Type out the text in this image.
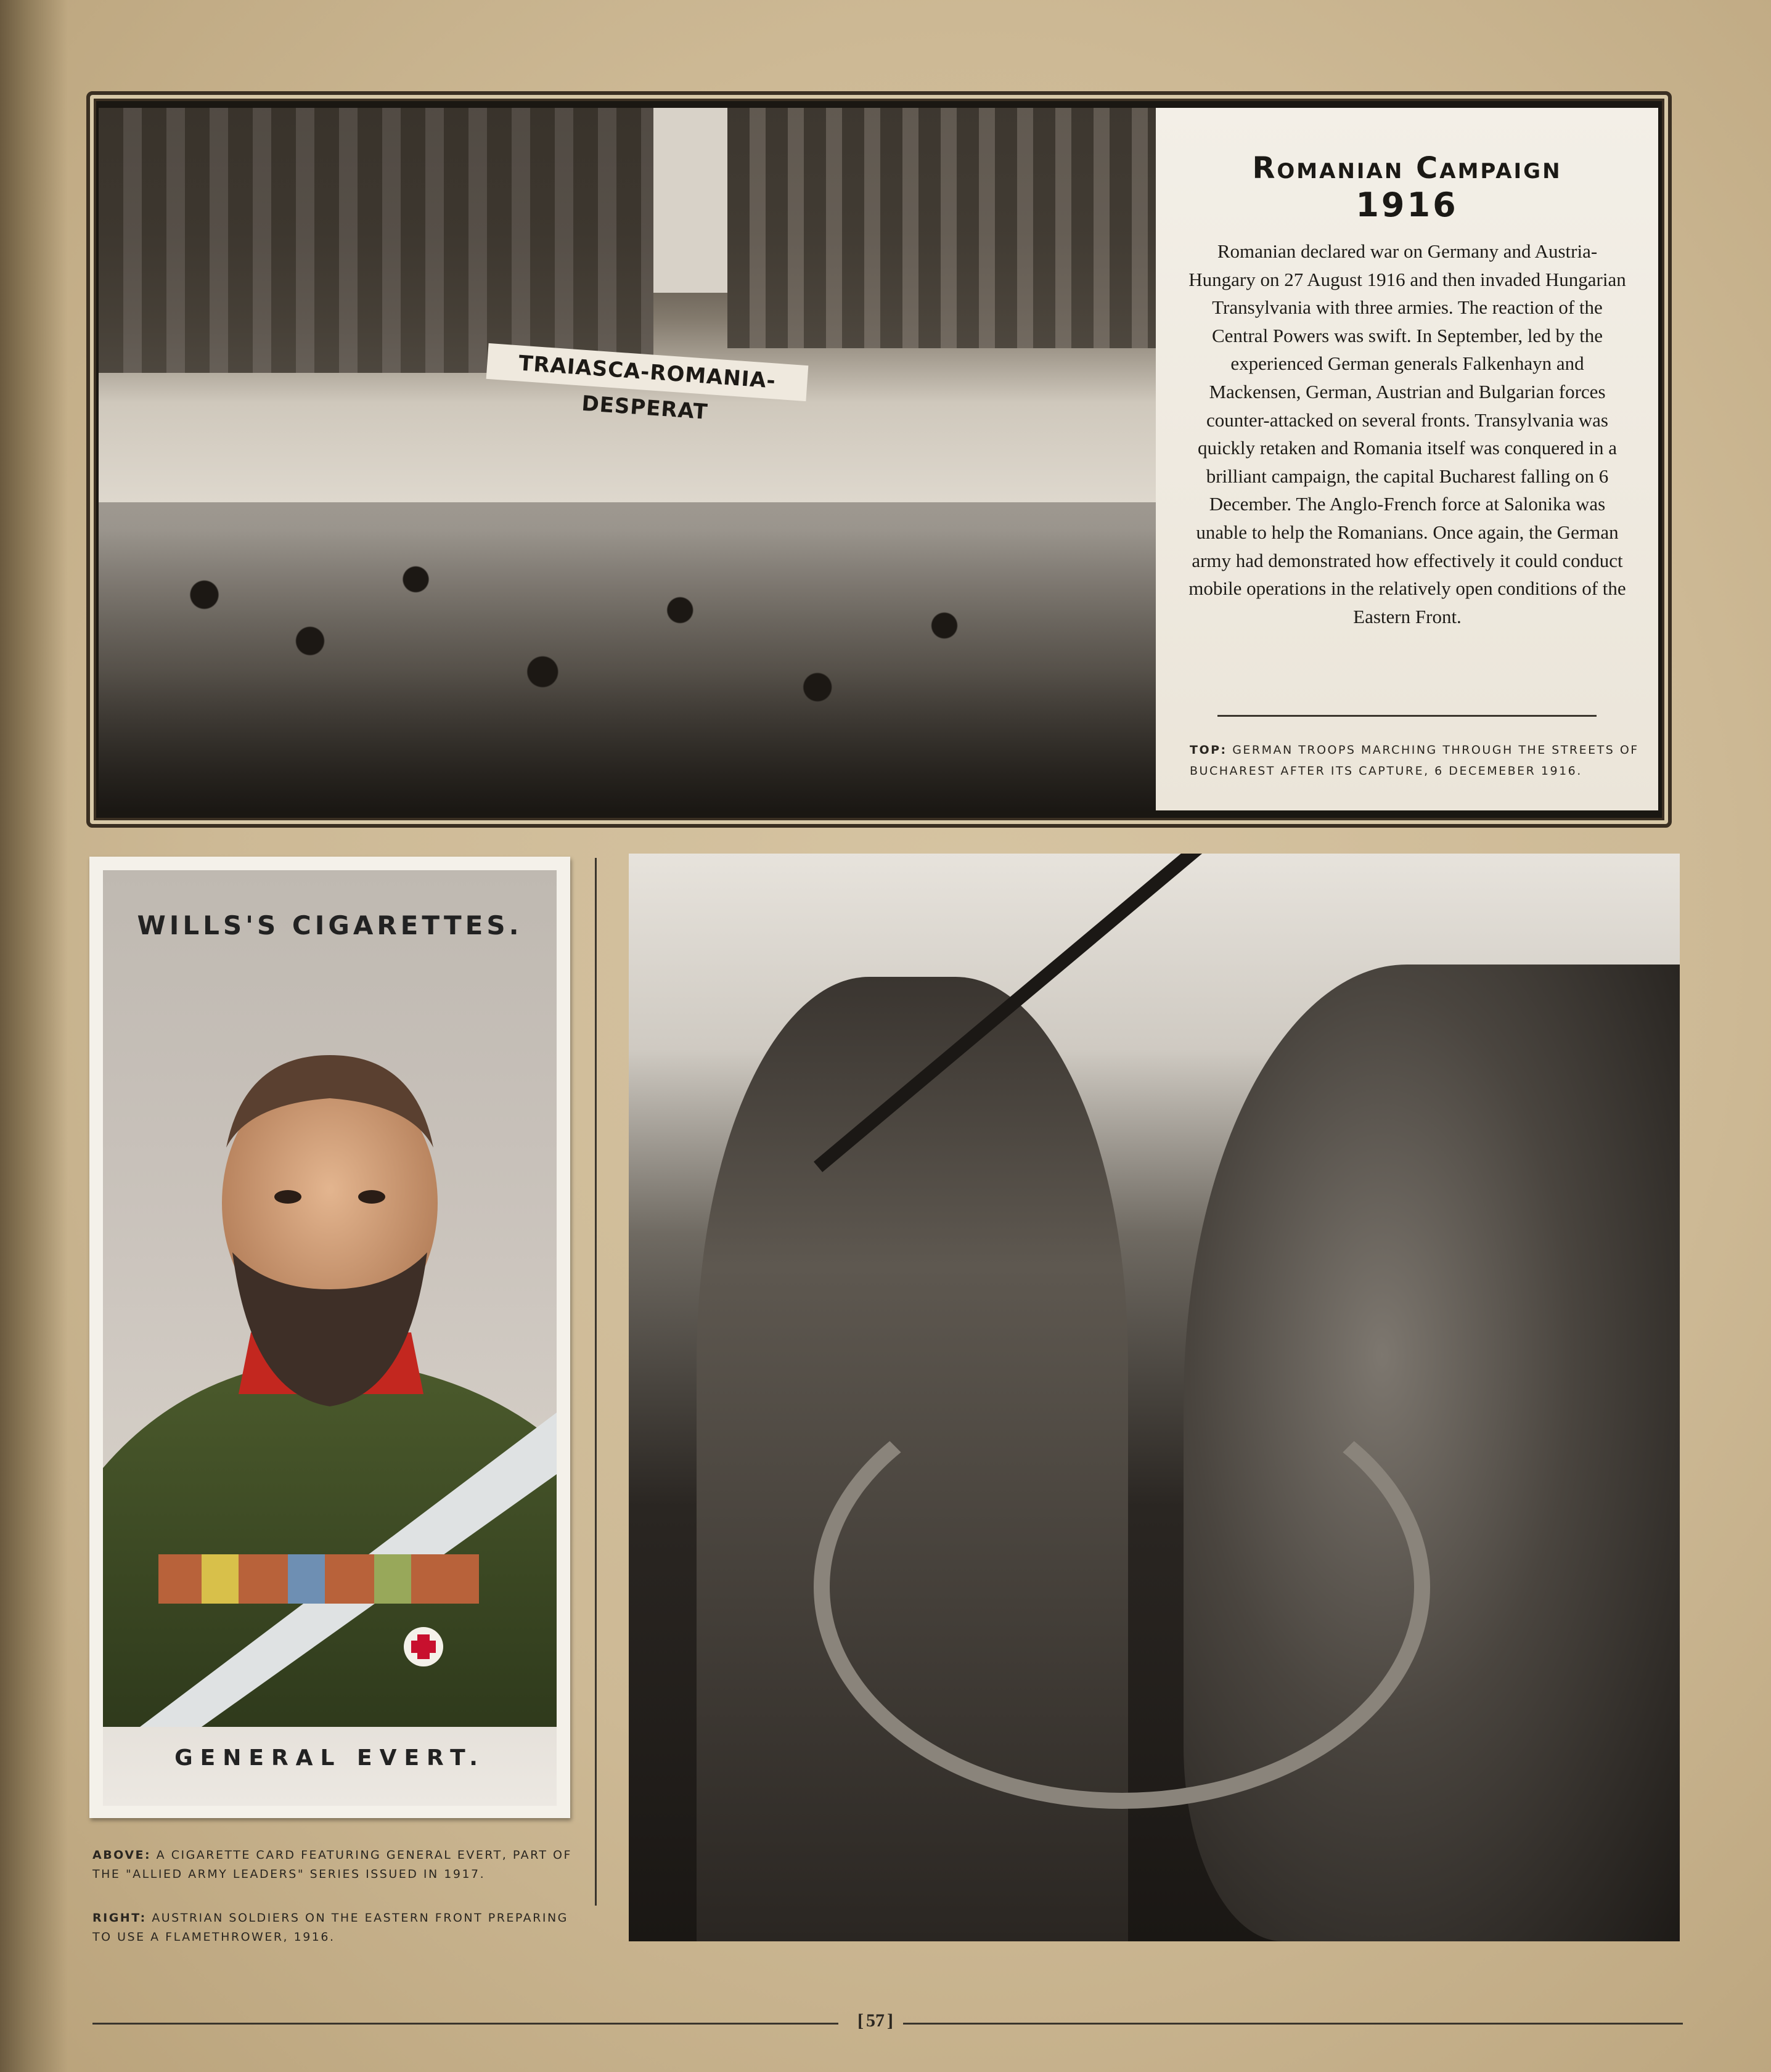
TRAIASCA-ROMANIA-DESPERAT
Romanian Campaign
1916
Romanian declared war on Germany and Austria-Hungary on 27 August 1916 and then invaded Hungarian Transylvania with three armies. The reaction of the Central Powers was swift. In September, led by the experienced German generals Falkenhayn and Mackensen, German, Austrian and Bulgarian forces counter-attacked on several fronts. Transylvania was quickly retaken and Romania itself was conquered in a brilliant campaign, the capital Bucharest falling on 6 December. The Anglo-French force at Salonika was unable to help the Romanians. Once again, the German army had demonstrated how effectively it could conduct mobile operations in the relatively open conditions of the Eastern Front.
TOP: GERMAN TROOPS MARCHING THROUGH THE STREETS OF BUCHAREST AFTER ITS CAPTURE, 6 DECEMEBER 1916.
WILLS'S CIGARETTES.
GENERAL EVERT.
ABOVE: A CIGARETTE CARD FEATURING GENERAL EVERT, PART OF THE "ALLIED ARMY LEADERS" SERIES ISSUED IN 1917.
RIGHT: AUSTRIAN SOLDIERS ON THE EASTERN FRONT PREPARING TO USE A FLAMETHROWER, 1916.
[ 57 ]
